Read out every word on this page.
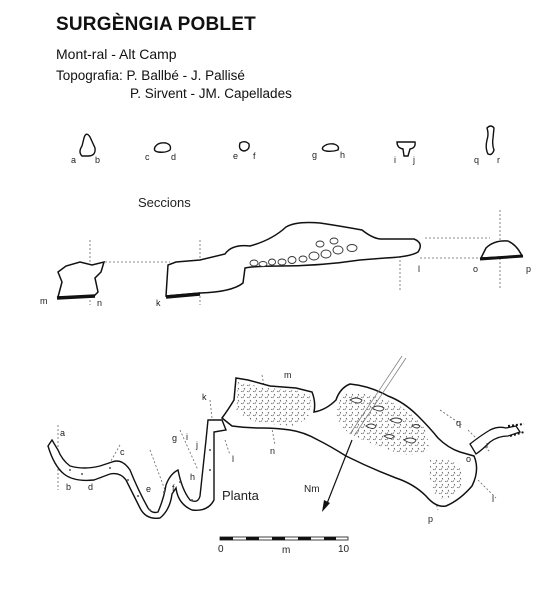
SURGÈNGIA POBLET
Mont-ral - Alt Camp
Topografia: P. Ballbé - J. Pallisé
P. Sirvent - JM. Capellades
a b	c d	e f	g	h	i j	q r
Seccions
m	n	k
l	o	p
Nm
a
b
c
d	e f
g
h
i
j
k
l
m
n
o
p
q
r
l
Planta
0	m	10
